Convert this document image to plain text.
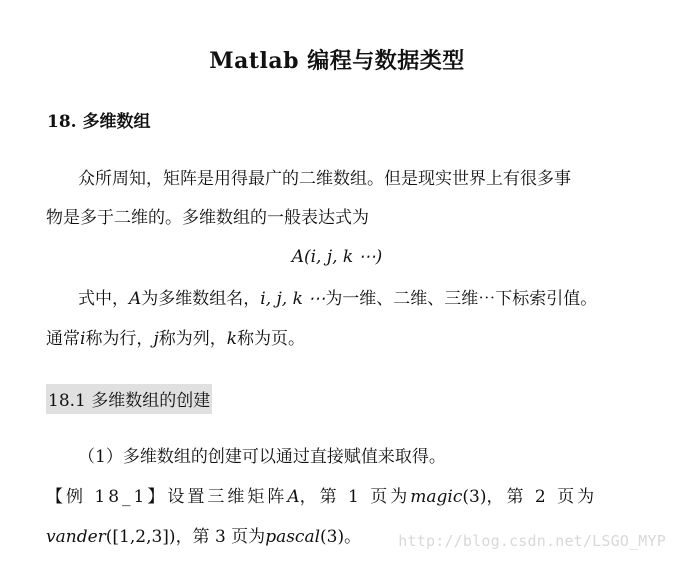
Matlab 编程与数据类型
18. 多维数组
众所周知，矩阵是用得最广的二维数组。但是现实世界上有很多事
物是多于二维的。多维数组的一般表达式为
A(i, j, k ⋯)
式中，A为多维数组名，i, j, k ⋯为一维、二维、三维⋯下标索引值。
通常i称为行，j称为列，k称为页。
18.1 多维数组的创建
（1）多维数组的创建可以通过直接赋值来取得。
【例 18_1】设置三维矩阵A，第 1 页为magic(3)，第 2 页为
vander([1,2,3])，第 3 页为pascal(3)。 http://blog.csdn.net/LSGO_MYP
